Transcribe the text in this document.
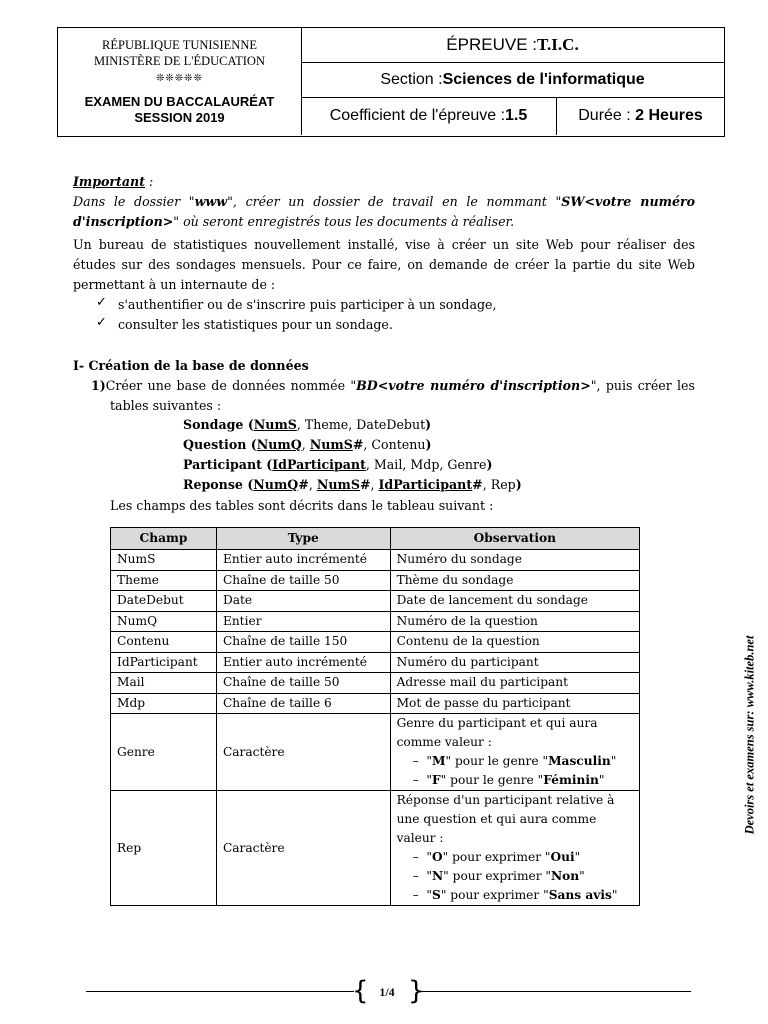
RÉPUBLIQUE TUNISIENNE
MINISTÈRE DE L'ÉDUCATION
❊❊❊❊❊
EXAMEN DU BACCALAURÉAT
SESSION 2019
ÉPREUVE : T.I.C.
Section : Sciences de l'informatique
Coefficient de l'épreuve : 1.5	Durée : 2 Heures
Important :
Dans le dossier "www", créer un dossier de travail en le nommant "SW<votre numéro
d'inscription>" où seront enregistrés tous les documents à réaliser.
Un bureau de statistiques nouvellement installé, vise à créer un site Web pour réaliser des
études sur des sondages mensuels. Pour ce faire, on demande de créer la partie du site Web
permettant à un internaute de :
✓ s'authentifier ou de s'inscrire puis participer à un sondage,
✓ consulter les statistiques pour un sondage.
I- Création de la base de données
1)Créer une base de données nommée "BD<votre numéro d'inscription>", puis créer les
tables suivantes :
Sondage (NumS, Theme, DateDebut)
Question (NumQ, NumS#, Contenu)
Participant (IdParticipant, Mail, Mdp, Genre)
Reponse (NumQ#, NumS#, IdParticipant#, Rep)
Les champs des tables sont décrits dans le tableau suivant :
Champ	Type	Observation
NumS	Entier auto incrémenté	Numéro du sondage
Theme	Chaîne de taille 50	Thème du sondage
DateDebut	Date	Date de lancement du sondage
NumQ	Entier	Numéro de la question
Contenu	Chaîne de taille 150	Contenu de la question
IdParticipant	Entier auto incrémenté	Numéro du participant
Mail	Chaîne de taille 50	Adresse mail du participant
Mdp	Chaîne de taille 6	Mot de passe du participant
Genre	Caractère	Genre du participant et qui aura comme valeur :
–  "M" pour le genre "Masculin"
–  "F" pour le genre "Féminin"

Rep	Caractère	Réponse d'un participant relative à une question et qui aura comme valeur :
–  "O" pour exprimer "Oui"
–  "N" pour exprimer "Non"
–  "S" pour exprimer "Sans avis"
Devoirs et examens sur: www.kiteb.net
{ }
1/4
